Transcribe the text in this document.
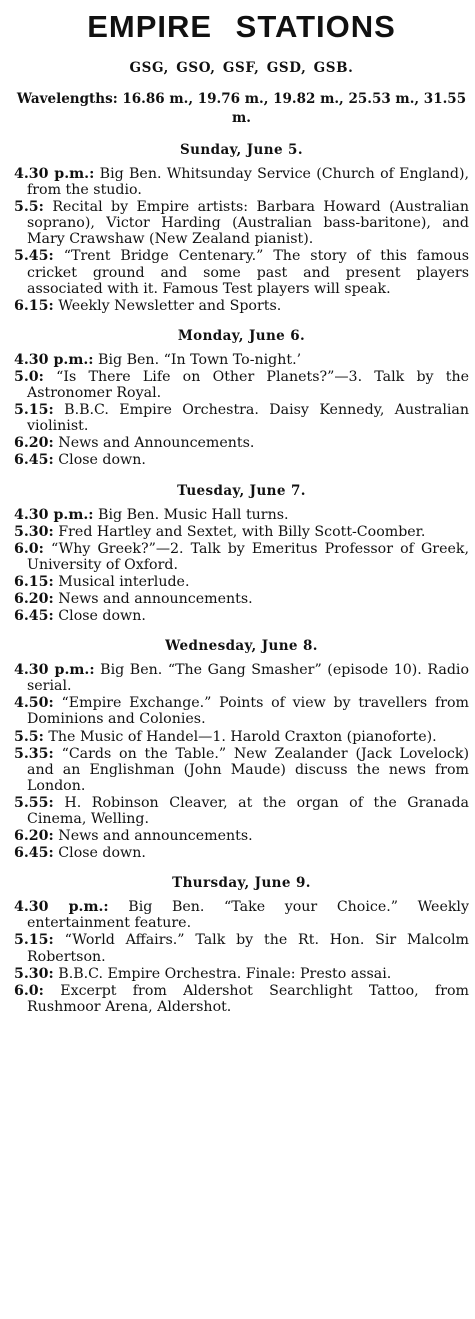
EMPIRE STATIONS
GSG, GSO, GSF, GSD, GSB.
Wavelengths: 16.86 m., 19.76 m., 19.82 m., 25.53 m., 31.55 m.
Sunday, June 5.

4.30 p.m.: Big Ben. Whitsunday Service (Church of England), from the studio.

5.5: Recital by Empire artists: Barbara Howard (Australian soprano), Victor Harding (Australian bass-baritone), and Mary Crawshaw (New Zealand pianist).

5.45: “Trent Bridge Centenary.” The story of this famous cricket ground and some past and present players associated with it. Famous Test players will speak.

6.15: Weekly Newsletter and Sports.

Monday, June 6.

4.30 p.m.: Big Ben. “In Town To-night.’

5.0: “Is There Life on Other Planets?”—3. Talk by the Astronomer Royal.

5.15: B.B.C. Empire Orchestra. Daisy Kennedy, Australian violinist.

6.20: News and Announcements.

6.45: Close down.

Tuesday, June 7.

4.30 p.m.: Big Ben. Music Hall turns.

5.30: Fred Hartley and Sextet, with Billy Scott-Coomber.

6.0: “Why Greek?”—2. Talk by Emeritus Professor of Greek, University of Oxford.

6.15: Musical interlude.

6.20: News and announcements.

6.45: Close down.

Wednesday, June 8.

4.30 p.m.: Big Ben. “The Gang Smasher” (episode 10). Radio serial.

4.50: “Empire Exchange.” Points of view by travellers from Dominions and Colonies.

5.5: The Music of Handel—1. Harold Craxton (pianoforte).

5.35: “Cards on the Table.” New Zealander (Jack Lovelock) and an Englishman (John Maude) discuss the news from London.

5.55: H. Robinson Cleaver, at the organ of the Granada Cinema, Welling.

6.20: News and announcements.

6.45: Close down.

Thursday, June 9.

4.30 p.m.: Big Ben. “Take your Choice.” Weekly entertainment feature.

5.15: “World Affairs.” Talk by the Rt. Hon. Sir Malcolm Robertson.

5.30: B.B.C. Empire Orchestra. Finale: Presto assai.

6.0: Excerpt from Aldershot Searchlight Tattoo, from Rushmoor Arena, Aldershot.
